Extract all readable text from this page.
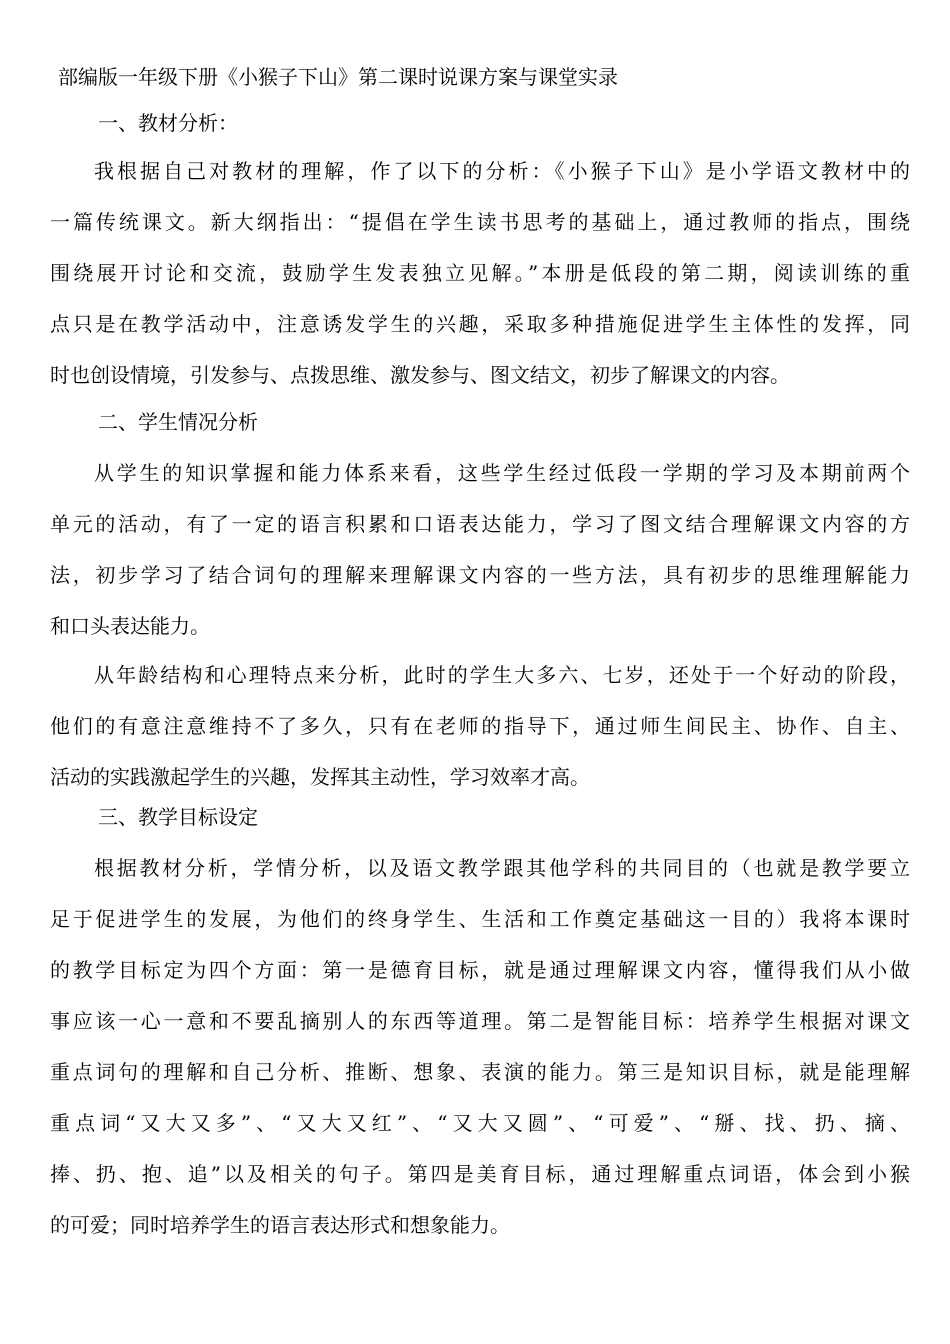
部编版一年级下册《小猴子下山》第二课时说课方案与课堂实录
一、教材分析：
我根据自己对教材的理解，作了以下的分析：《小猴子下山》是小学语文教材中的
一篇传统课文。新大纲指出：“提倡在学生读书思考的基础上，通过教师的指点，围绕
围绕展开讨论和交流，鼓励学生发表独立见解。”本册是低段的第二期，阅读训练的重
点只是在教学活动中，注意诱发学生的兴趣，采取多种措施促进学生主体性的发挥，同
时也创设情境，引发参与、点拨思维、激发参与、图文结文，初步了解课文的内容。
二、学生情况分析
从学生的知识掌握和能力体系来看，这些学生经过低段一学期的学习及本期前两个
单元的活动，有了一定的语言积累和口语表达能力，学习了图文结合理解课文内容的方
法，初步学习了结合词句的理解来理解课文内容的一些方法，具有初步的思维理解能力
和口头表达能力。
从年龄结构和心理特点来分析，此时的学生大多六、七岁，还处于一个好动的阶段，
他们的有意注意维持不了多久，只有在老师的指导下，通过师生间民主、协作、自主、
活动的实践激起学生的兴趣，发挥其主动性，学习效率才高。
三、教学目标设定
根据教材分析，学情分析，以及语文教学跟其他学科的共同目的（也就是教学要立
足于促进学生的发展，为他们的终身学生、生活和工作奠定基础这一目的）我将本课时
的教学目标定为四个方面：第一是德育目标，就是通过理解课文内容，懂得我们从小做
事应该一心一意和不要乱摘别人的东西等道理。第二是智能目标：培养学生根据对课文
重点词句的理解和自己分析、推断、想象、表演的能力。第三是知识目标，就是能理解
重点词“又大又多”、“又大又红”、“又大又圆”、“可爱”、“掰、找、扔、摘、
捧、扔、抱、追”以及相关的句子。第四是美育目标，通过理解重点词语，体会到小猴
的可爱；同时培养学生的语言表达形式和想象能力。
